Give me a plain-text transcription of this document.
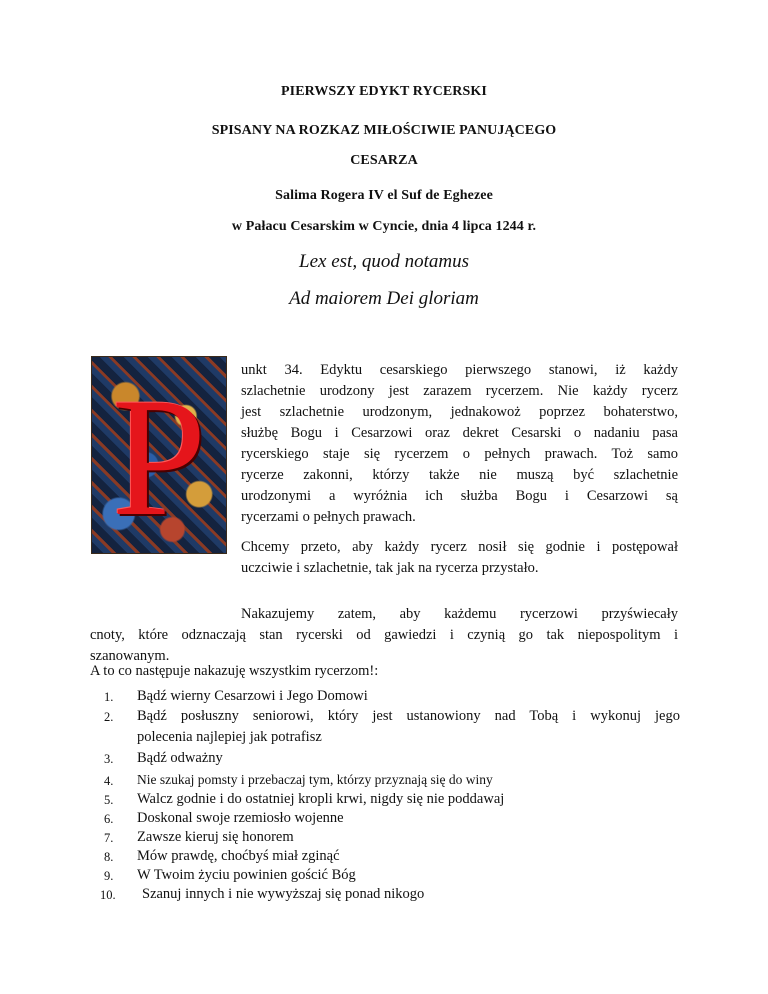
PIERWSZY EDYKT RYCERSKI
SPISANY NA ROZKAZ MIŁOŚCIWIE PANUJĄCEGO
CESARZA
Salima Rogera IV el Suf de Eghezee
w Pałacu Cesarskim w Cyncie, dnia 4 lipca 1244 r.
Lex est, quod notamus
Ad maiorem Dei gloriam
P	unkt 34. Edyktu cesarskiego pierwszego stanowi, iż każdy
szlachetnie urodzony jest zarazem rycerzem. Nie każdy rycerz
jest szlachetnie urodzonym, jednakowoż poprzez bohaterstwo,
służbę Bogu i Cesarzowi oraz dekret Cesarski o nadaniu pasa
rycerskiego staje się rycerzem o pełnych prawach. Toż samo
rycerze zakonni, którzy także nie muszą być szlachetnie
urodzonymi a wyróżnia ich służba Bogu i Cesarzowi są
rycerzami o pełnych prawach.
Chcemy przeto, aby każdy rycerz nosił się godnie i postępował
uczciwie i szlachetnie, tak jak na rycerza przystało.
Nakazujemy zatem, aby każdemu rycerzowi przyświecały
cnoty, które odznaczają stan rycerski od gawiedzi i czynią go tak niepospolitym i
szanowanym.
A to co następuje nakazuję wszystkim rycerzom!:
1.	Bądź wierny Cesarzowi i Jego Domowi
2.	Bądź posłuszny seniorowi, który jest ustanowiony nad Tobą i wykonuj jego
polecenia najlepiej jak potrafisz
3.	Bądź odważny
4.	Nie szukaj pomsty i przebaczaj tym, którzy przyznają się do winy
5.	Walcz godnie i do ostatniej kropli krwi, nigdy się nie poddawaj
6.	Doskonal swoje rzemiosło wojenne
7.	Zawsze kieruj się honorem
8.	Mów prawdę, choćbyś miał zginąć
9.	W Twoim życiu powinien gościć Bóg
10.	Szanuj innych i nie wywyższaj się ponad nikogo
